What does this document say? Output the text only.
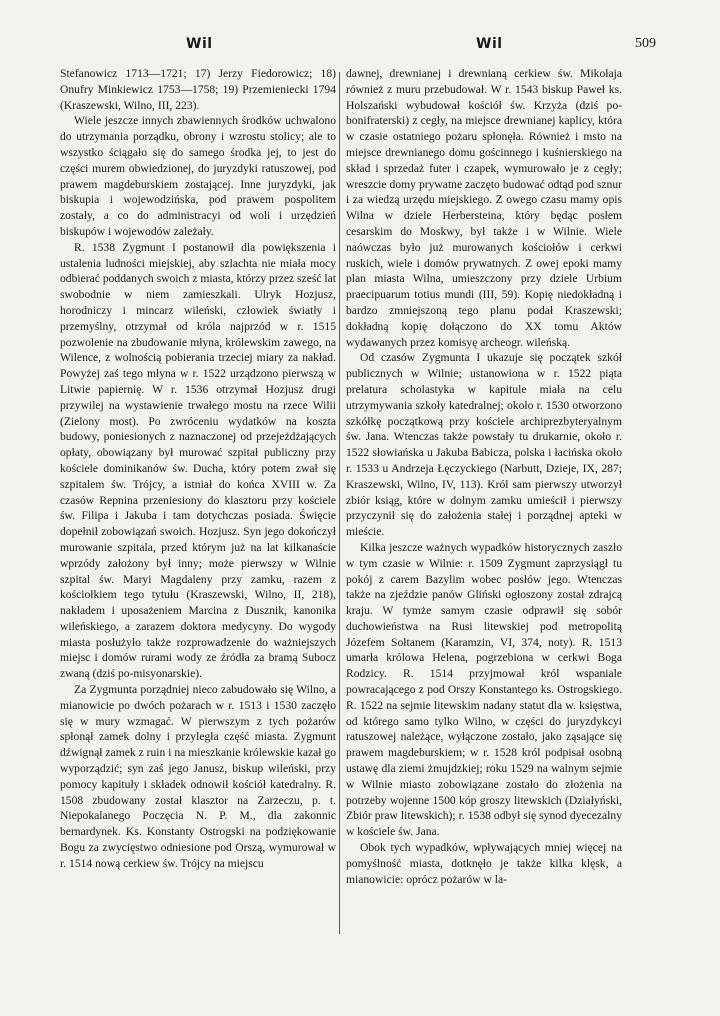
Wil	Wil	509

Stefanowicz 1713—1721; 17) Jerzy Fiedorowicz; 18) Onufry Minkiewicz 1753—1758; 19) Przemieniecki 1794 (Kraszewski, Wilno, III, 223).

Wiele jeszcze innych zbawiennych środków uchwalono do utrzymania porządku, obrony i wzrostu stolicy; ale to wszystko ściągało się do samego środka jej, to jest do części murem obwiedzionej, do juryzdyki ratuszowej, pod prawem magdeburskiem zostającej. Inne juryzdyki, jak biskupia i wojewodzińska, pod prawem pospolitem zostały, a co do administracyi od woli i urzędzień biskupów i wojewodów zależały.

R. 1538 Zygmunt I postanowił dla powiększenia i ustalenia ludności miejskiej, aby szlachta nie miała mocy odbierać poddanych swoich z miasta, którzy przez sześć lat swobodnie w niem zamieszkali. Ulryk Hozjusz, horodniczy i mincarz wileński, człowiek światły i przemyślny, otrzymał od króla najprzód w r. 1515 pozwolenie na zbudowanie młyna, królewskim zawego, na Wilence, z wolnością pobierania trzeciej miary za nakład. Powyżej zaś tego młyna w r. 1522 urządzono pierwszą w Litwie papiernię. W r. 1536 otrzymał Hozjusz drugi przywilej na wystawienie trwałego mostu na rzece Wilii (Zielony most). Po zwróceniu wydatków na koszta budowy, poniesionych z naznaczonej od przejeżdżających opłaty, obowiązany był murować szpitał publiczny przy kościele dominikanów św. Ducha, który potem zwał się szpitalem św. Trójcy, a istniał do końca XVIII w. Za czasów Repnina przeniesiony do klasztoru przy kościele św. Filipa i Jakuba i tam dotychczas posiada. Święcie dopełnił zobowiązań swoich. Hozjusz. Syn jego dokończył murowanie szpitala, przed którym już na lat kilkanaście wprzódy założony był inny; może pierwszy w Wilnie szpital św. Maryi Magdaleny przy zamku, razem z kościołkiem tego tytułu (Kraszewski, Wilno, II, 218), nakładem i uposażeniem Marcina z Dusznik, kanonika wileńskiego, a zarazem doktora medycyny. Do wygody miasta posłużyło także rozprowadzenie do ważniejszych miejsc i domów rurami wody ze źródła za bramą Subocz zwaną (dziś po-misyonarskie).

Za Zygmunta porządniej nieco zabudowało się Wilno, a mianowicie po dwóch pożarach w r. 1513 i 1530 zaczęło się w mury wzmagać. W pierwszym z tych pożarów spłonął zamek dolny i przyległa część miasta. Zygmunt dźwignął zamek z ruin i na mieszkanie królewskie kazał go wyporządzić; syn zaś jego Janusz, biskup wileński, przy pomocy kapituły i składek odnowił kościół katedralny. R. 1508 zbudowany został klasztor na Zarzeczu, p. t. Niepokalanego Poczęcia N. P. M., dla zakonnic bernardynek. Ks. Konstanty Ostrogski na podziękowanie Bogu za zwycięstwo odniesione pod Orszą, wymurował w r. 1514 nową cerkiew św. Trójcy na miejscu

dawnej, drewnianej i drewnianą cerkiew św. Mikołaja również z muru przebudował. W r. 1543 biskup Paweł ks. Holszański wybudował kościół św. Krzyża (dziś po-bonifraterski) z cegły, na miejsce drewnianej kaplicy, która w czasie ostatniego pożaru spłonęła. Również i mstо na miejsce drewnianego domu gościnnego i kuśnierskiego na skład i sprzedaż futer i czapek, wymurowało je z cegły; wreszcie domy prywatne zaczęto budować odtąd pod sznur i za wiedzą urzędu miejskiego. Z owego czasu mamy opis Wilna w dziele Herbersteina, który będąc posłem cesarskim do Moskwy, był także i w Wilnie. Wiele naówczas było już murowanych kościołów i cerkwi ruskich, wiele i domów prywatnych. Z owej epoki mamy plan miasta Wilna, umieszczony przy dziele Urbium praecipuarum totius mundi (III, 59). Kopię niedokładną i bardzo zmniejszoną tego planu podał Kraszewski; dokładną kopię dołączono do XX tomu Aktów wydawanych przez komisyę archeogr. wileńską.

Od czasów Zygmunta I ukazuje się początek szkół publicznych w Wilnie; ustanowiona w r. 1522 piąta prelatura scholastyka w kapitule miała na celu utrzymywania szkoły katedralnej; około r. 1530 otworzono szkółkę początkową przy kościele archiprezbyteryalnym św. Jana. Wtenczas także powstały tu drukarnie, około r. 1522 słowiańska u Jakuba Babicza, polska i łacińska około r. 1533 u Andrzeja Łęczyckiego (Narbutt, Dzieje, IX, 287; Kraszewski, Wilno, IV, 113). Król sam pierwszy utworzył zbiór ksiąg, które w dolnym zamku umieścił i pierwszy przyczynił się do założenia stałej i porządnej apteki w mieście.

Kilka jeszcze ważnych wypadków historycznych zaszło w tym czasie w Wilnie: r. 1509 Zygmunt zaprzysiągł tu pokój z carem Bazylim wobec posłów jego. Wtenczas także na zjeździe panów Gliński ogłoszony został zdrajcą kraju. W tymże samym czasie odprawił się sobór duchowieństwa na Rusi litewskiej pod metropolitą Józefem Sołtanem (Karamzin, VI, 374, noty). R. 1513 umarła królowa Helena, pogrzebiona w cerkwi Boga Rodzicy. R. 1514 przyjmował król wspaniale powracającego z pod Orszy Konstantego ks. Ostrogskiego. R. 1522 na sejmie litewskim nadany statut dla w. księstwa, od którego samo tylko Wilno, w części do juryzdykcyi ratuszowej należące, wyłączone zostało, jako ząsające się prawem magdeburskiem; w r. 1528 król podpisał osobną ustawę dla ziemi żmujdzkiej; roku 1529 na walnym sejmie w Wilnie miasto zobowiązane zostało do złożenia na potrzeby wojenne 1500 kóp groszy litewskich (Działyński, Zbiór praw litewskich); r. 1538 odbył się synod dyecezalny w kościele św. Jana.

Obok tych wypadków, wpływających mniej więcej na pomyślność miasta, dotknęło je także kilka klęsk, a mianowicie: oprócz pożarów w la-
